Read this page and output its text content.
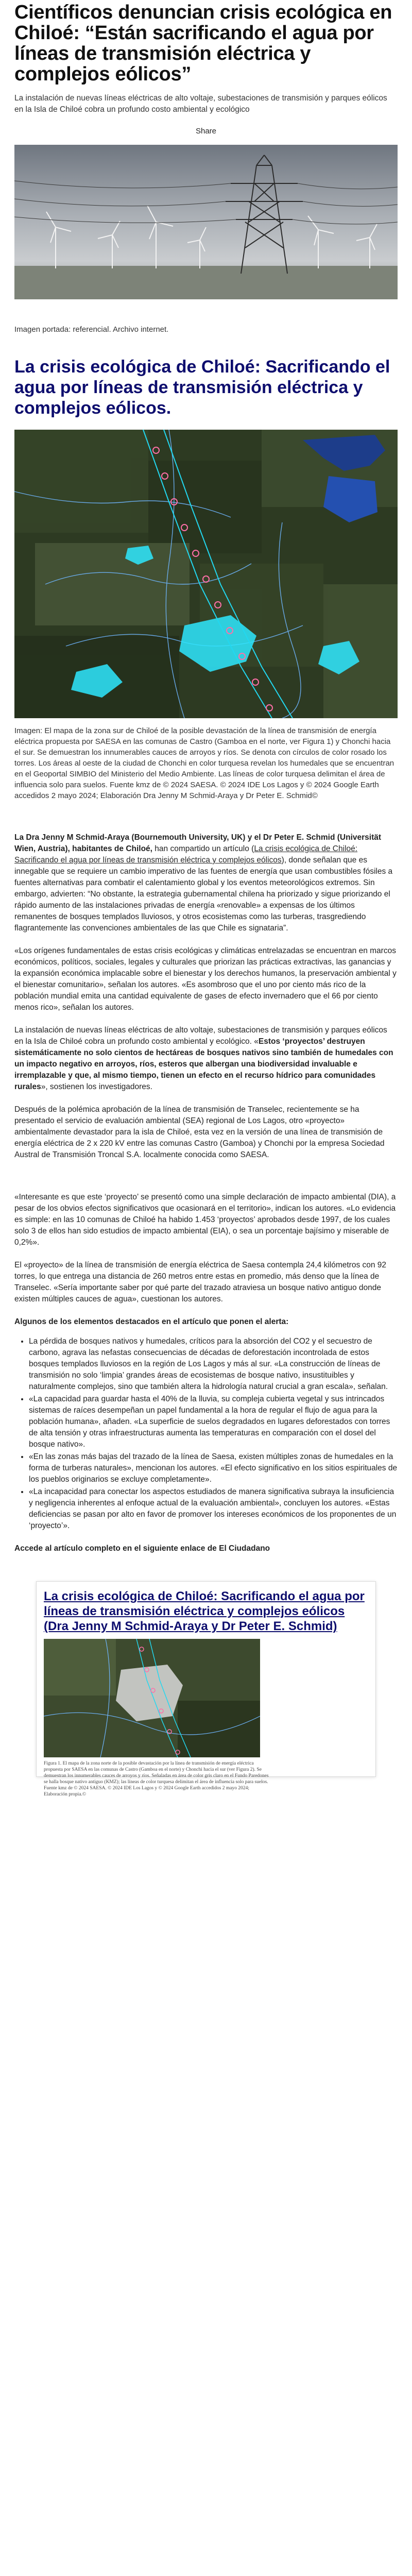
Científicos denuncian crisis ecológica en Chiloé: “Están sacrificando el agua por líneas de transmisión eléctrica y complejos eólicos”

La instalación de nuevas líneas eléctricas de alto voltaje, subestaciones de transmisión y parques eólicos en la Isla de Chiloé cobra un profundo costo ambiental y ecológico

Share

Imagen portada: referencial. Archivo internet.

La crisis ecológica de Chiloé: Sacrificando el agua por líneas de transmisión eléctrica y complejos eólicos.

Imagen: El mapa de la zona sur de Chiloé de la posible devastación de la línea de transmisión de energía eléctrica propuesta por SAESA en las comunas de Castro (Gamboa en el norte, ver Figura 1) y Chonchi hacia el sur. Se demuestran los innumerables cauces de arroyos y ríos. Se denota con círculos de color rosado los torres. Los áreas al oeste de la ciudad de Chonchi en color turquesa revelan los humedales que se encuentran en el Geoportal SIMBIO del Ministerio del Medio Ambiente. Las líneas de color turquesa delimitan el área de influencia solo para suelos. Fuente kmz de © 2024 SAESA. © 2024 IDE Los Lagos y © 2024 Google Earth accedidos 2 mayo 2024; Elaboración Dra Jenny M Schmid-Araya y Dr Peter E. Schmid©

La Dra Jenny M Schmid-Araya (Bournemouth University, UK) y el Dr Peter E. Schmid (Universität Wien, Austria), habitantes de Chiloé, han compartido un artículo (La crisis ecológica de Chiloé: Sacrificando el agua por líneas de transmisión eléctrica y complejos eólicos), donde señalan que es innegable que se requiere un cambio imperativo de las fuentes de energía que usan combustibles fósiles a fuentes alternativas para combatir el calentamiento global y los eventos meteorológicos extremos. Sin embargo, advierten: “No obstante, la estrategia gubernamental chilena ha priorizado y sigue priorizando el rápido aumento de las instalaciones privadas de energía «renovable» a expensas de los últimos remanentes de bosques templados lluviosos, y otros ecosistemas como las turberas, trasgrediendo flagrantemente las convenciones ambientales de las que Chile es signataria”.

«Los orígenes fundamentales de estas crisis ecológicas y climáticas entrelazadas se encuentran en marcos económicos, políticos, sociales, legales y culturales que priorizan las prácticas extractivas, las ganancias y la expansión económica implacable sobre el bienestar y los derechos humanos, la preservación ambiental y el bienestar comunitario», señalan los autores. «Es asombroso que el uno por ciento más rico de la población mundial emita una cantidad equivalente de gases de efecto invernadero que el 66 por ciento menos rico», señalan los autores.

La instalación de nuevas líneas eléctricas de alto voltaje, subestaciones de transmisión y parques eólicos en la Isla de Chiloé cobra un profundo costo ambiental y ecológico. «Estos ‘proyectos’ destruyen sistemáticamente no solo cientos de hectáreas de bosques nativos sino también de humedales con un impacto negativo en arroyos, ríos, esteros que albergan una biodiversidad invaluable e irremplazable y que, al mismo tiempo, tienen un efecto en el recurso hídrico para comunidades rurales», sostienen los investigadores.

Después de la polémica aprobación de la línea de transmisión de Transelec, recientemente se ha presentado el servicio de evaluación ambiental (SEA) regional de Los Lagos, otro «proyecto» ambientalmente devastador para la isla de Chiloé, esta vez en la versión de una línea de transmisión de energía eléctrica de 2 x 220 kV entre las comunas Castro (Gamboa) y Chonchi por la empresa Sociedad Austral de Transmisión Troncal S.A. localmente conocida como SAESA.

«Interesante es que este ‘proyecto’ se presentó como una simple declaración de impacto ambiental (DIA), a pesar de los obvios efectos significativos que ocasionará en el territorio», indican los autores. «Lo evidencia es simple: en las 10 comunas de Chiloé ha habido 1.453 ‘proyectos’ aprobados desde 1997, de los cuales solo 3 de ellos han sido estudios de impacto ambiental (EIA), o sea un porcentaje bajísimo y miserable de 0,2%».

El «proyecto» de la línea de transmisión de energía eléctrica de Saesa contempla 24,4 kilómetros con 92 torres, lo que entrega una distancia de 260 metros entre estas en promedio, más denso que la línea de Transelec. «Sería importante saber por qué parte del trazado atraviesa un bosque nativo antiguo donde existen múltiples cauces de agua», cuestionan los autores.

Algunos de los elementos destacados en el artículo que ponen el alerta:

• La pérdida de bosques nativos y humedales, críticos para la absorción del CO2 y el secuestro de carbono, agrava las nefastas consecuencias de décadas de deforestación incontrolada de estos bosques templados lluviosos en la región de Los Lagos y más al sur. «La construcción de líneas de transmisión no solo ‘limpia’ grandes áreas de ecosistemas de bosque nativo, insustituibles y naturalmente complejos, sino que también altera la hidrología natural crucial a gran escala», señalan.
• «La capacidad para guardar hasta el 40% de la lluvia, su compleja cubierta vegetal y sus intrincados sistemas de raíces desempeñan un papel fundamental a la hora de regular el flujo de agua para la población humana», añaden. «La superficie de suelos degradados en lugares deforestados con torres de alta tensión y otras infraestructuras aumenta las temperaturas en comparación con el dosel del bosque nativo».
• «En las zonas más bajas del trazado de la línea de Saesa, existen múltiples zonas de humedales en la forma de turberas naturales», mencionan los autores. «El efecto significativo en los sitios espirituales de los pueblos originarios se excluye completamente».
• «La incapacidad para conectar los aspectos estudiados de manera significativa subraya la insuficiencia y negligencia inherentes al enfoque actual de la evaluación ambiental», concluyen los autores. «Estas deficiencias se pasan por alto en favor de promover los intereses económicos de los proponentes de un ‘proyecto’».

Accede al artículo completo en el siguiente enlace de El Ciudadano

La crisis ecológica de Chiloé: Sacrificando el agua por líneas de transmisión eléctrica y complejos eólicos (Dra Jenny M Schmid-Araya y Dr Peter E. Schmid)
Figura 1. El mapa de la zona norte de la posible devastación por la línea de transmisión de energía eléctrica propuesta por SAESA en las comunas de Castro (Gamboa en el norte) y Chonchi hacia el sur (ver Figura 2). Se demuestran los innumerables cauces de arroyos y ríos. Señaladas en área de color gris claro en el Fundo Paredones se halla bosque nativo antiguo (KMZ); las líneas de color turquesa delimitan el área de influencia solo para suelos. Fuente kmz de © 2024 SAESA. © 2024 IDE Los Lagos y © 2024 Google Earth accedidos 2 mayo 2024; Elaboración propia.©
